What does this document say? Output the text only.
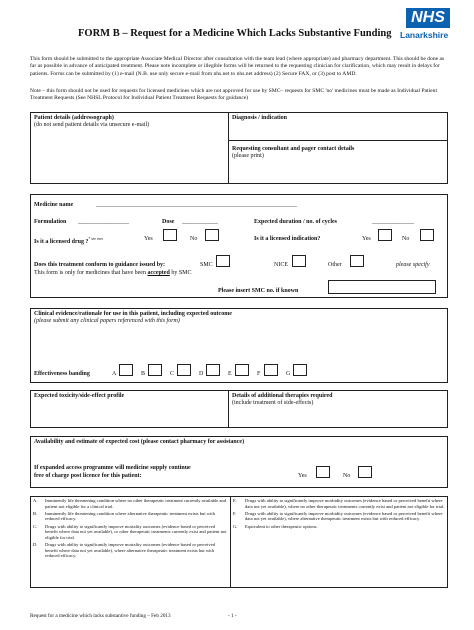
FORM B – Request for a Medicine Which Lacks Substantive Funding
NHS
Lanarkshire
This form should be submitted to the appropriate Associate Medical Director after consultation with the team lead (where appropriate) and pharmacy department. This should be done as far as possible in advance of anticipated treatment. Please note incomplete or illegible forms will be returned to the requesting clinician for clarification, which may result in delays for patients. Forms can be submitted by (1) e-mail (N.B. use only secure e-mail from nhs.net to nhs.net address) (2) Secure FAX, or (3) post to AMD.
Note – this form should not be used for requests for licensed medicines which are not approved for use by SMC– requests for SMC 'no' medicines must be made as Individual Patient Treatment Requests (See NHSL Protocol for Individual Patient Treatment Requests for guidance)
Patient details (addressograph)
(do not send patient details via unsecure e-mail)
Diagnosis / indication
Requesting consultant and pager contact details
(please print)
Medicine name	___________________________________________________________________
Formulation _________________	Dose ____________	Expected duration / no. of cycles	______________
Is it a licensed drug ?$^{* see over}$	Yes	No	Is it a licensed indication?	Yes	No
Does this treatment conform to guidance issued by:
This form is only for medicines that have been accepted by SMC
SMC	NICE	Other	please specify
Please insert SMC no. if known
Clinical evidence/rationale for use in this patient, including expected outcome
(please submit any clinical papers referenced with this form)
Effectiveness banding	A	B	C	D	E	F	G
Expected toxicity/side-effect profile	Details of additional therapies required
(include treatment of side-effects)
Availability and estimate of expected cost (please contact pharmacy for assistance)
If expanded access programme will medicine supply continue
free of charge post licence for this patient:	Yes	No
A.	Imminently life threatening condition where no other therapeutic treatment currently available and patient not eligible for a clinical trial.
B.	Imminently life threatening condition where alternative therapeutic treatment exists but with reduced efficacy.
C.	Drugs with ability to significantly improve mortality outcomes (evidence based or perceived benefit where data not yet available), or other therapeutic treatments currently exist and patient not eligible for trial.
D.	Drugs with ability to significantly improve mortality outcomes (evidence based or perceived benefit where data not yet available), where alternative therapeutic treatment exists but with reduced efficacy.
E.	Drugs with ability to significantly improve morbidity outcomes (evidence based or perceived benefit where data not yet available), where no other therapeutic treatments currently exist and patient not eligible for trial.
F.	Drugs with ability to significantly improve morbidity outcomes (evidence based or perceived benefit where data not yet available), where alternative therapeutic treatment exists but with reduced efficacy.
G.	Equivalent to other therapeutic options.
Request for a medicine which lacks substantive funding – Feb 2013	- 1 -
